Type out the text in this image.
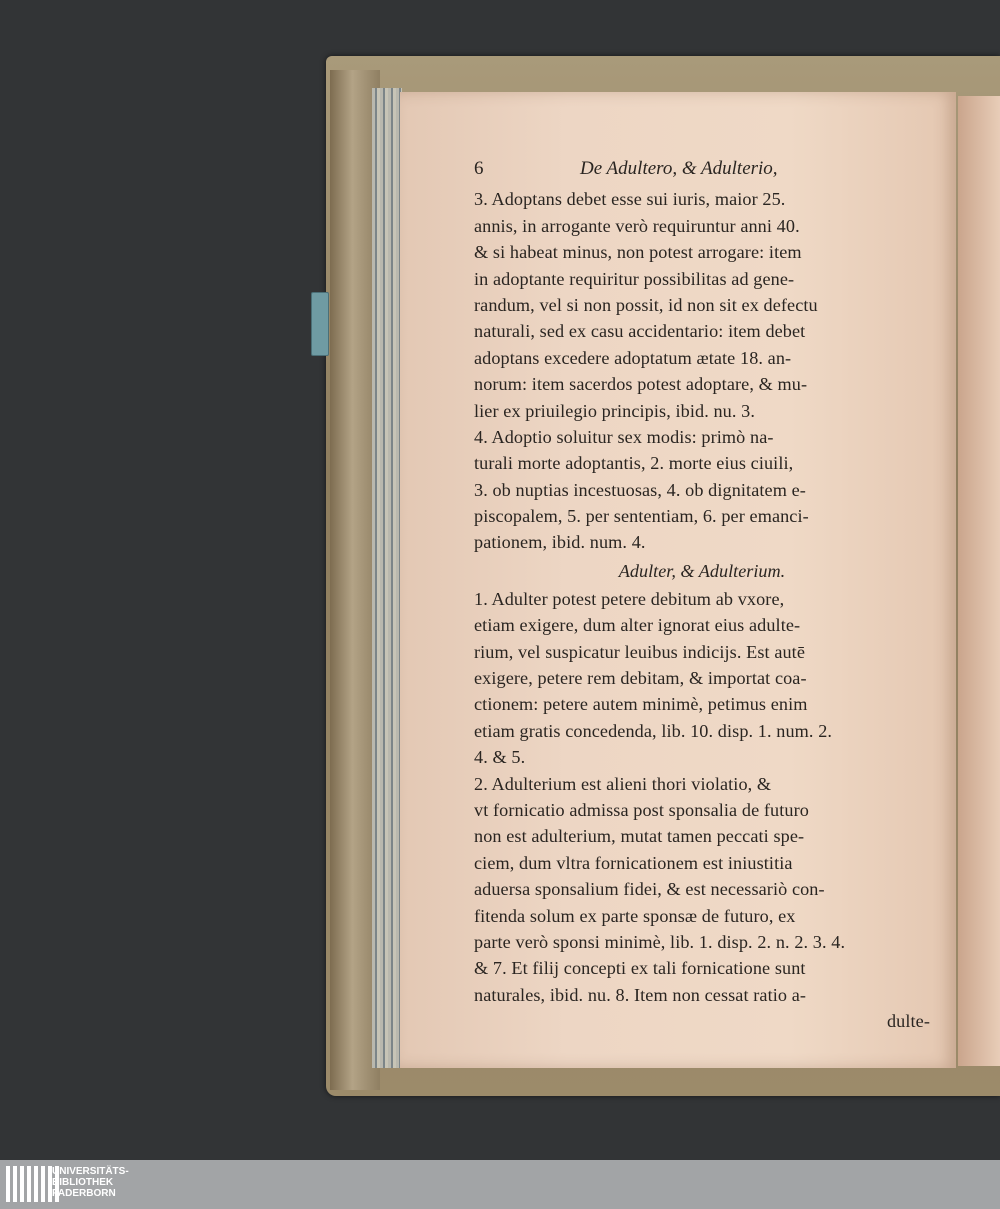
6	De Adultero, & Adulterio,
3. Adoptans debet esse sui iuris, maior 25.
annis, in arrogante verò requiruntur anni 40.
& si habeat minus, non potest arrogare: item
in adoptante requiritur possibilitas ad gene-
randum, vel si non possit, id non sit ex defectu
naturali, sed ex casu accidentario: item debet
adoptans excedere adoptatum ætate 18. an-
norum: item sacerdos potest adoptare, & mu-
lier ex priuilegio principis, ibid. nu. 3.
4. Adoptio soluitur sex modis: primò na-
turali morte adoptantis, 2. morte eius ciuili,
3. ob nuptias incestuosas, 4. ob dignitatem e-
piscopalem, 5. per sententiam, 6. per emanci-
pationem, ibid. num. 4.
Adulter, & Adulterium.
1. Adulter potest petere debitum ab vxore,
etiam exigere, dum alter ignorat eius adulte-
rium, vel suspicatur leuibus indicijs. Est autē
exigere, petere rem debitam, & importat coa-
ctionem: petere autem minimè, petimus enim
etiam gratis concedenda, lib. 10. disp. 1. num. 2.
4. & 5.
2. Adulterium est alieni thori violatio, &
vt fornicatio admissa post sponsalia de futuro
non est adulterium, mutat tamen peccati spe-
ciem, dum vltra fornicationem est iniustitia
aduersa sponsalium fidei, & est necessariò con-
fitenda solum ex parte sponsæ de futuro, ex
parte verò sponsi minimè, lib. 1. disp. 2. n. 2. 3. 4.
& 7. Et filij concepti ex tali fornicatione sunt
naturales, ibid. nu. 8. Item non cessat ratio a-
dulte-
UNIVERSITÄTS-
BIBLIOTHEK
PADERBORN
